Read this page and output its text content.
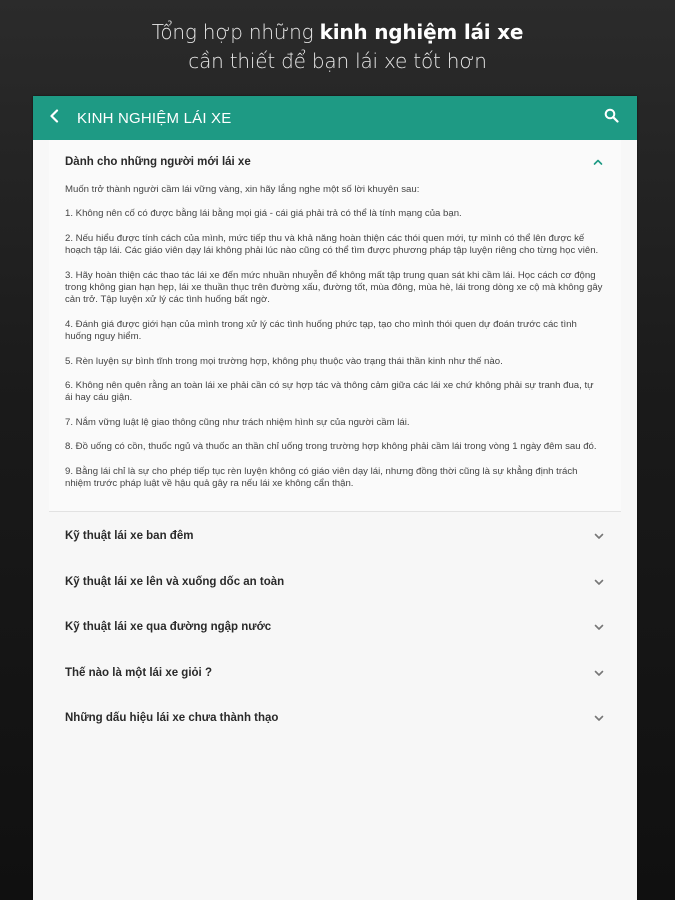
Tổng hợp những kinh nghiệm lái xe
cần thiết để bạn lái xe tốt hơn
KINH NGHIỆM LÁI XE
Dành cho những người mới lái xe

Muốn trở thành người cầm lái vững vàng, xin hãy lắng nghe một số lời khuyên sau:

1. Không nên cố có được bằng lái bằng mọi giá - cái giá phải trả có thể là tính mạng của bạn.

2. Nếu hiểu được tính cách của mình, mức tiếp thu và khả năng hoàn thiện các thói quen mới, tự mình có thể lên được kế hoạch tập lái. Các giáo viên dạy lái không phải lúc nào cũng có thể tìm được phương pháp tập luyện riêng cho từng học viên.

3. Hãy hoàn thiện các thao tác lái xe đến mức nhuần nhuyễn để không mất tập trung quan sát khi cầm lái. Học cách cơ động trong không gian hạn hẹp, lái xe thuần thục trên đường xấu, đường tốt, mùa đông, mùa hè, lái trong dòng xe cộ mà không gây cản trở. Tập luyện xử lý các tình huống bất ngờ.

4. Đánh giá được giới hạn của mình trong xử lý các tình huống phức tạp, tạo cho mình thói quen dự đoán trước các tình huống nguy hiểm.

5. Rèn luyện sự bình tĩnh trong mọi trường hợp, không phụ thuộc vào trạng thái thần kinh như thế nào.

6. Không nên quên rằng an toàn lái xe phải cần có sự hợp tác và thông cảm giữa các lái xe chứ không phải sự tranh đua, tự ái hay cáu giận.

7. Nắm vững luật lệ giao thông cũng như trách nhiệm hình sự của người cầm lái.

8. Đồ uống có cồn, thuốc ngủ và thuốc an thần chỉ uống trong trường hợp không phải cầm lái trong vòng 1 ngày đêm sau đó.

9. Bằng lái chỉ là sự cho phép tiếp tục rèn luyện không có giáo viên dạy lái, nhưng đồng thời cũng là sự khẳng định trách nhiệm trước pháp luật về hậu quả gây ra nếu lái xe không cẩn thận.

Kỹ thuật lái xe ban đêm
Kỹ thuật lái xe lên và xuống dốc an toàn
Kỹ thuật lái xe qua đường ngập nước
Thế nào là một lái xe giỏi ?
Những dấu hiệu lái xe chưa thành thạo
